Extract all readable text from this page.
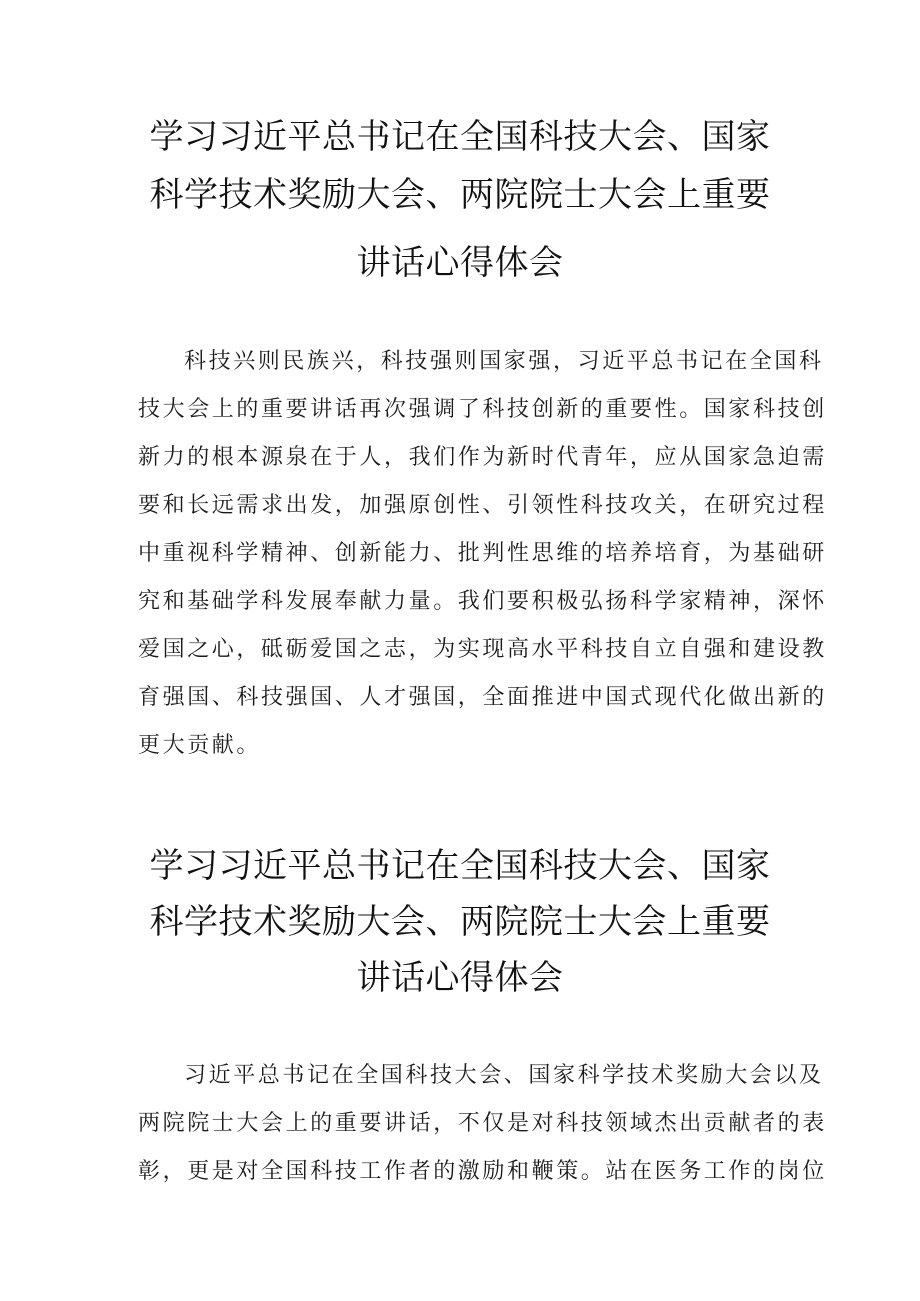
学习习近平总书记在全国科技大会、国家
科学技术奖励大会、两院院士大会上重要
讲话心得体会

科技兴则民族兴，科技强则国家强，习近平总书记在全国科
技大会上的重要讲话再次强调了科技创新的重要性。国家科技创
新力的根本源泉在于人，我们作为新时代青年，应从国家急迫需
要和长远需求出发，加强原创性、引领性科技攻关，在研究过程
中重视科学精神、创新能力、批判性思维的培养培育，为基础研
究和基础学科发展奉献力量。我们要积极弘扬科学家精神，深怀
爱国之心，砥砺爱国之志，为实现高水平科技自立自强和建设教
育强国、科技强国、人才强国，全面推进中国式现代化做出新的
更大贡献。

学习习近平总书记在全国科技大会、国家
科学技术奖励大会、两院院士大会上重要
讲话心得体会

习近平总书记在全国科技大会、国家科学技术奖励大会以及
两院院士大会上的重要讲话，不仅是对科技领域杰出贡献者的表
彰，更是对全国科技工作者的激励和鞭策。站在医务工作的岗位
